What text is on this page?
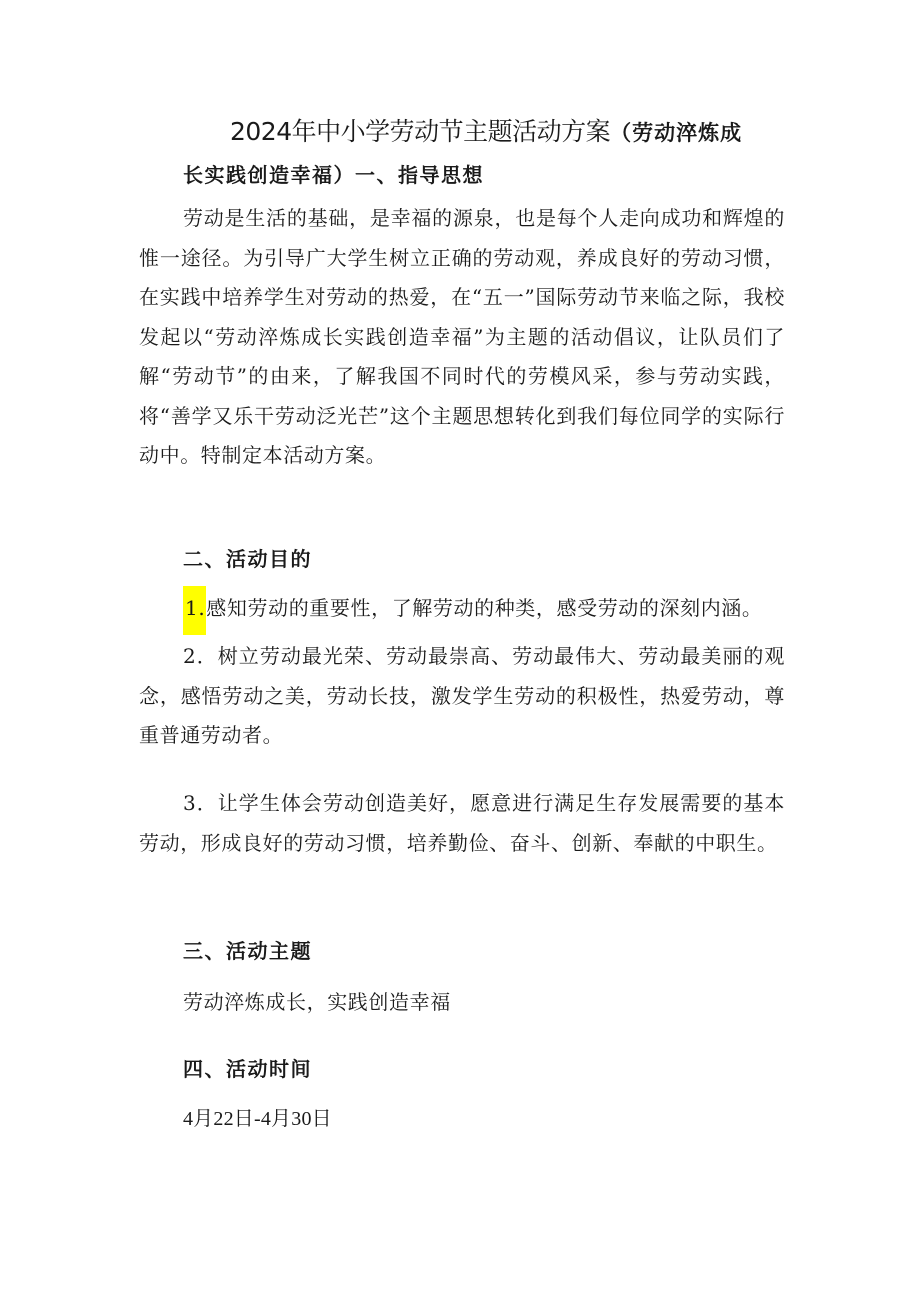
2024年中小学劳动节主题活动方案（劳动淬炼成
长实践创造幸福）一、指导思想

劳动是生活的基础，是幸福的源泉，也是每个人走向成功和辉煌的惟一途径。为引导广大学生树立正确的劳动观，养成良好的劳动习惯，在实践中培养学生对劳动的热爱，在“五一”国际劳动节来临之际，我校发起以“劳动淬炼成长实践创造幸福”为主题的活动倡议，让队员们了解“劳动节”的由来，了解我国不同时代的劳模风采，参与劳动实践，将“善学又乐干劳动泛光芒”这个主题思想转化到我们每位同学的实际行动中。特制定本活动方案。

二、活动目的

1.感知劳动的重要性，了解劳动的种类，感受劳动的深刻内涵。

2．树立劳动最光荣、劳动最崇高、劳动最伟大、劳动最美丽的观念，感悟劳动之美，劳动长技，激发学生劳动的积极性，热爱劳动，尊重普通劳动者。

3．让学生体会劳动创造美好，愿意进行满足生存发展需要的基本劳动，形成良好的劳动习惯，培养勤俭、奋斗、创新、奉献的中职生。

三、活动主题
劳动淬炼成长，实践创造幸福
四、活动时间
4月22日-4月30日
